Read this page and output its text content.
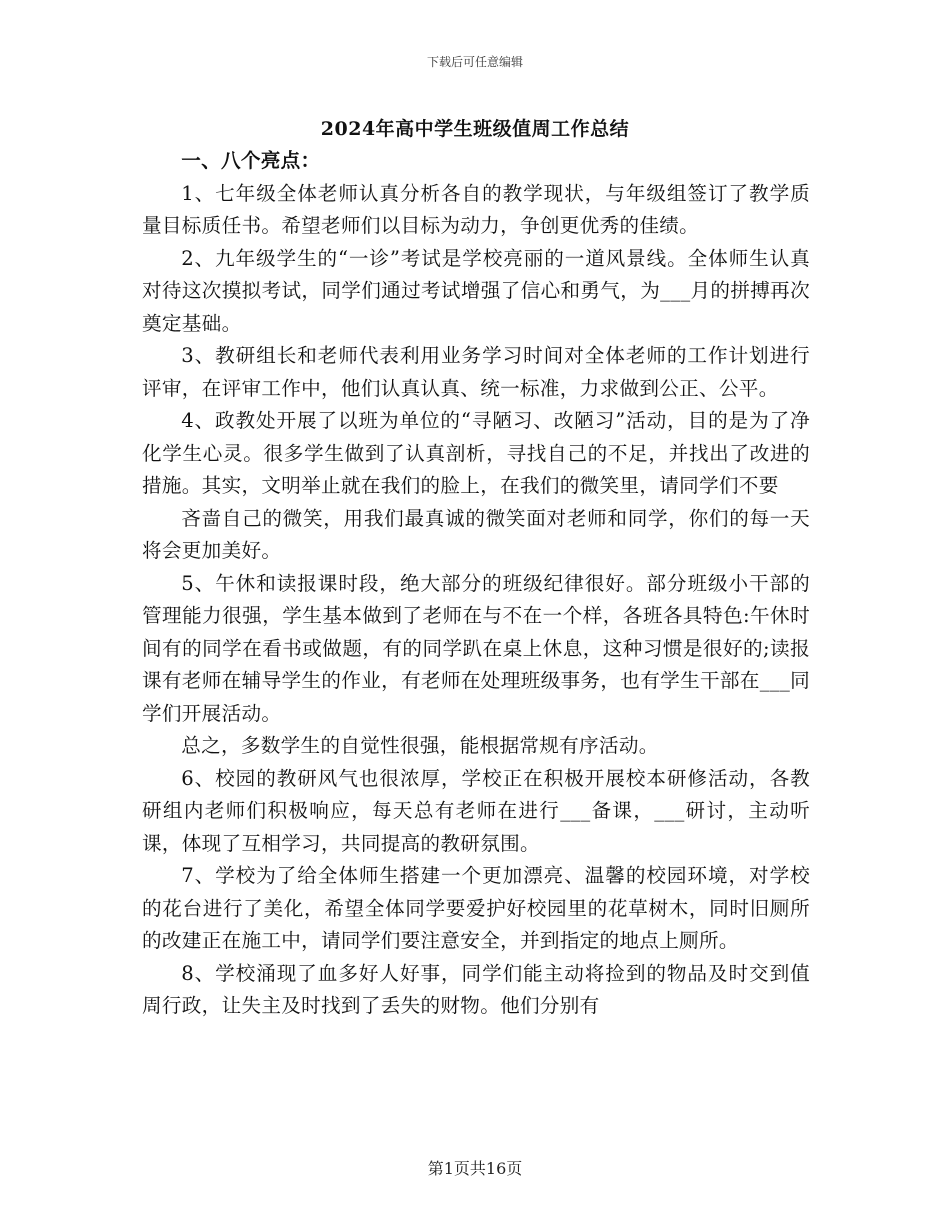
下载后可任意编辑
2024年高中学生班级值周工作总结

一、八个亮点：

1、七年级全体老师认真分析各自的教学现状，与年级组签订了教学质量目标质任书。希望老师们以目标为动力，争创更优秀的佳绩。

2、九年级学生的“一诊”考试是学校亮丽的一道风景线。全体师生认真对待这次摸拟考试，同学们通过考试增强了信心和勇气，为___月的拼搏再次奠定基础。

3、教研组长和老师代表利用业务学习时间对全体老师的工作计划进行评审，在评审工作中，他们认真认真、统一标准，力求做到公正、公平。

4、政教处开展了以班为单位的“寻陋习、改陋习”活动，目的是为了净化学生心灵。很多学生做到了认真剖析，寻找自己的不足，并找出了改进的措施。其实，文明举止就在我们的脸上，在我们的微笑里，请同学们不要

吝啬自己的微笑，用我们最真诚的微笑面对老师和同学，你们的每一天将会更加美好。

5、午休和读报课时段，绝大部分的班级纪律很好。部分班级小干部的管理能力很强，学生基本做到了老师在与不在一个样，各班各具特色:午休时间有的同学在看书或做题，有的同学趴在桌上休息，这种习惯是很好的;读报课有老师在辅导学生的作业，有老师在处理班级事务，也有学生干部在___同学们开展活动。

总之，多数学生的自觉性很强，能根据常规有序活动。

6、校园的教研风气也很浓厚，学校正在积极开展校本研修活动，各教研组内老师们积极响应，每天总有老师在进行___备课，___研讨，主动听课，体现了互相学习，共同提高的教研氛围。

7、学校为了给全体师生搭建一个更加漂亮、温馨的校园环境，对学校的花台进行了美化，希望全体同学要爱护好校园里的花草树木，同时旧厕所的改建正在施工中，请同学们要注意安全，并到指定的地点上厕所。

8、学校涌现了血多好人好事，同学们能主动将捡到的物品及时交到值周行政，让失主及时找到了丢失的财物。他们分别有

第1页共16页
